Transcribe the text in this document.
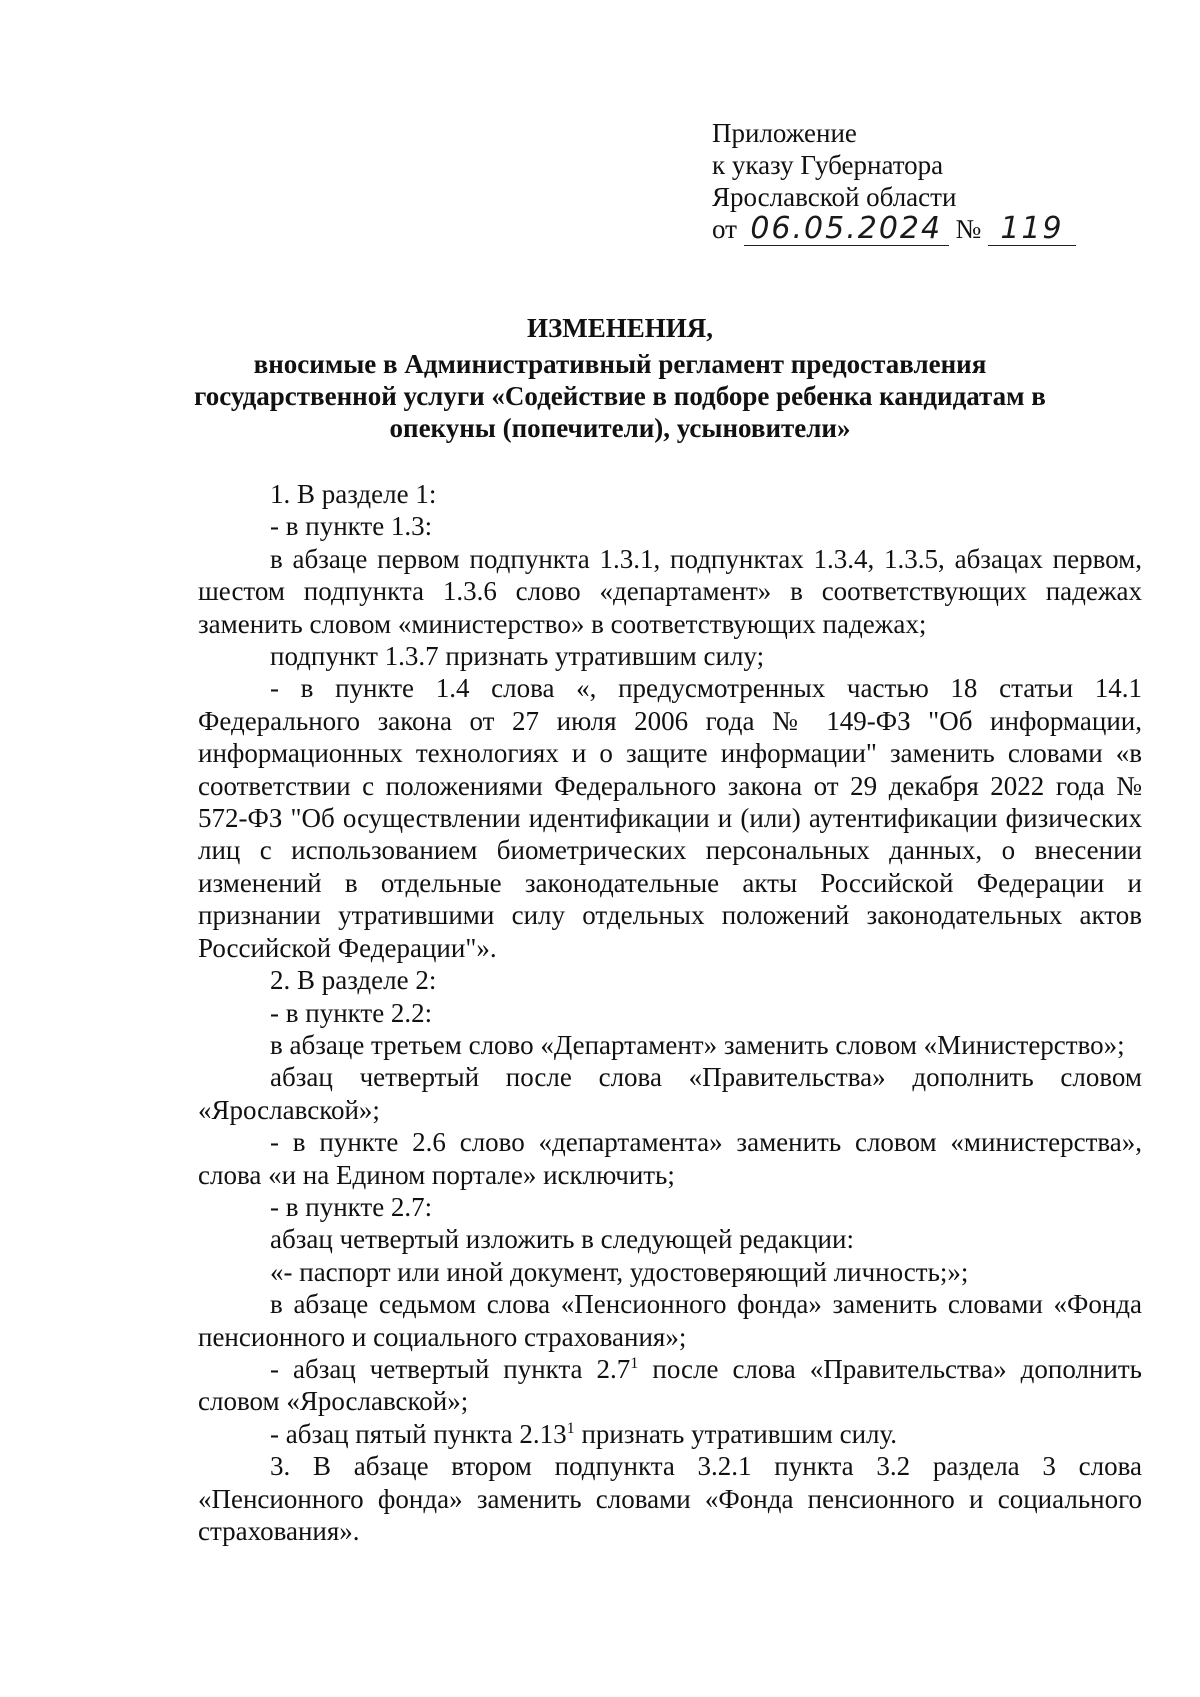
Приложение
к указу Губернатора
Ярославской области
от 06.05.2024 № 119
ИЗМЕНЕНИЯ,
вносимые в Административный регламент предоставления
государственной услуги «Содействие в подборе ребенка кандидатам в
опекуны (попечители), усыновители»

1. В разделе 1:

- в пункте 1.3:

в абзаце первом подпункта 1.3.1, подпунктах 1.3.4, 1.3.5, абзацах первом, шестом подпункта 1.3.6 слово «департамент» в соответствующих падежах заменить словом «министерство» в соответствующих падежах;

подпункт 1.3.7 признать утратившим силу;

- в пункте 1.4 слова «, предусмотренных частью 18 статьи 14.1 Федерального закона от 27 июля 2006 года № 149-ФЗ "Об информации, информационных технологиях и о защите информации" заменить словами «в соответствии с положениями Федерального закона от 29 декабря 2022 года № 572-ФЗ "Об осуществлении идентификации и (или) аутентификации физических лиц с использованием биометрических персональных данных, о внесении изменений в отдельные законодательные акты Российской Федерации и признании утратившими силу отдельных положений законодательных актов Российской Федерации"».

2. В разделе 2:

- в пункте 2.2:

в абзаце третьем слово «Департамент» заменить словом «Министерство»;

абзац четвертый после слова «Правительства» дополнить словом «Ярославской»;

- в пункте 2.6 слово «департамента» заменить словом «министерства», слова «и на Едином портале» исключить;

- в пункте 2.7:

абзац четвертый изложить в следующей редакции:

«- паспорт или иной документ, удостоверяющий личность;»;

в абзаце седьмом слова «Пенсионного фонда» заменить словами «Фонда пенсионного и социального страхования»;

- абзац четвертый пункта $2.7^1$ после слова «Правительства» дополнить словом «Ярославской»;

- абзац пятый пункта 2.13$^1$ признать утратившим силу.

3. В абзаце втором подпункта 3.2.1 пункта 3.2 раздела 3 слова «Пенсионного фонда» заменить словами «Фонда пенсионного и социального страхования».
